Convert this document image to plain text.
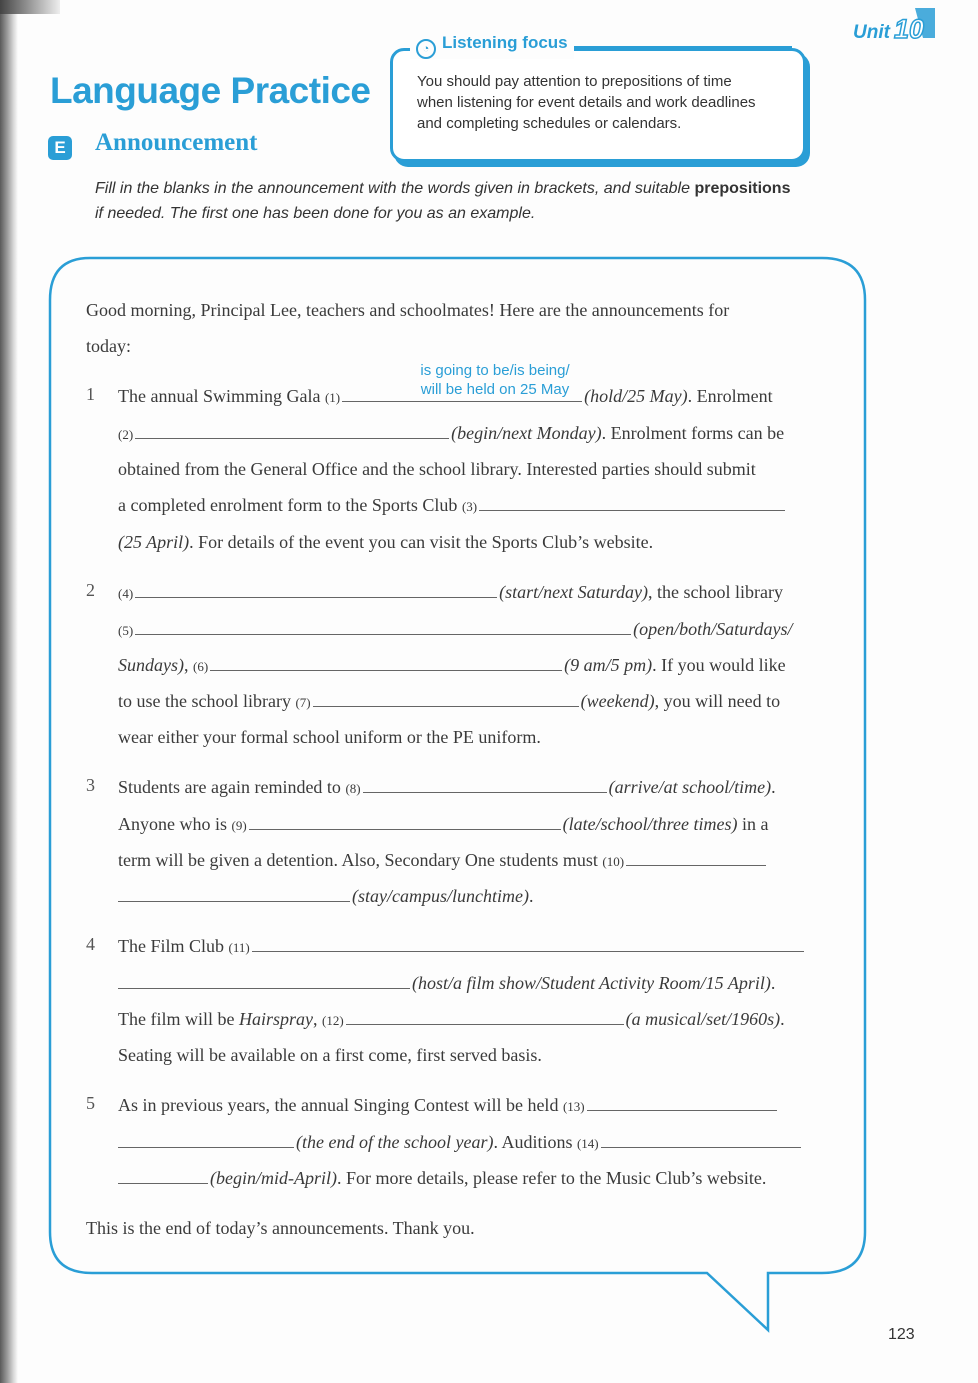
Unit 10
Language Practice
E Announcement
◔ Listening focus
You should pay attention to prepositions of time
when listening for event details and work deadlines
and completing schedules or calendars.
Fill in the blanks in the announcement with the words given in brackets, and suitable prepositions
if needed. The first one has been done for you as an example.
Good morning, Principal Lee, teachers and schoolmates! Here are the announcements for
today:
is going to be/is being/
will be held on 25 May
1 The annual Swimming Gala (1)	(hold/25 May). Enrolment
(2)	(begin/next Monday). Enrolment forms can be
obtained from the General Office and the school library. Interested parties should submit
a completed enrolment form to the Sports Club (3)
(25 April). For details of the event you can visit the Sports Club’s website.
2 (4)	(start/next Saturday), the school library
(5)	(open/both/Saturdays/
Sundays), (6)	(9 am/5 pm). If you would like
to use the school library (7)	(weekend), you will need to
wear either your formal school uniform or the PE uniform.
3 Students are again reminded to (8)	(arrive/at school/time).
Anyone who is (9)	(late/school/three times) in a
term will be given a detention. Also, Secondary One students must (10)
(stay/campus/lunchtime).
4 The Film Club (11)
(host/a film show/Student Activity Room/15 April).
The film will be Hairspray, (12)	(a musical/set/1960s).
Seating will be available on a first come, first served basis.
5 As in previous years, the annual Singing Contest will be held (13)
(the end of the school year). Auditions (14)
(begin/mid-April). For more details, please refer to the Music Club’s website.
This is the end of today’s announcements. Thank you.
123
